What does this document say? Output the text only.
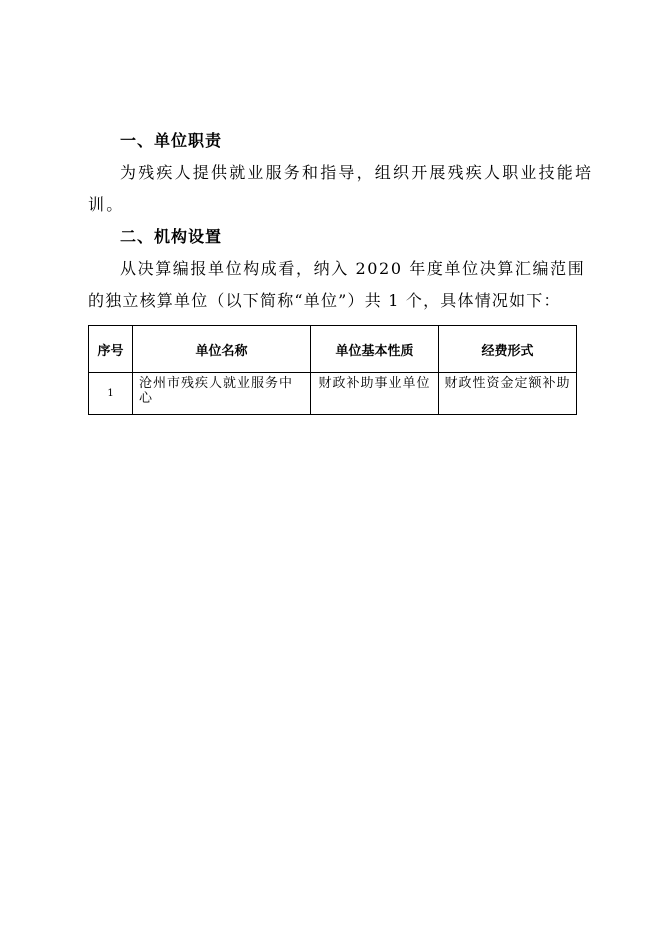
一、单位职责
为残疾人提供就业服务和指导，组织开展残疾人职业技能培
训。
二、机构设置
从决算编报单位构成看，纳入 2020 年度单位决算汇编范围
的独立核算单位（以下简称“单位”）共 1 个，具体情况如下：
序号	单位名称	单位基本性质	经费形式
1	沧州市残疾人就业服务中心	财政补助事业单位	财政性资金定额补助
